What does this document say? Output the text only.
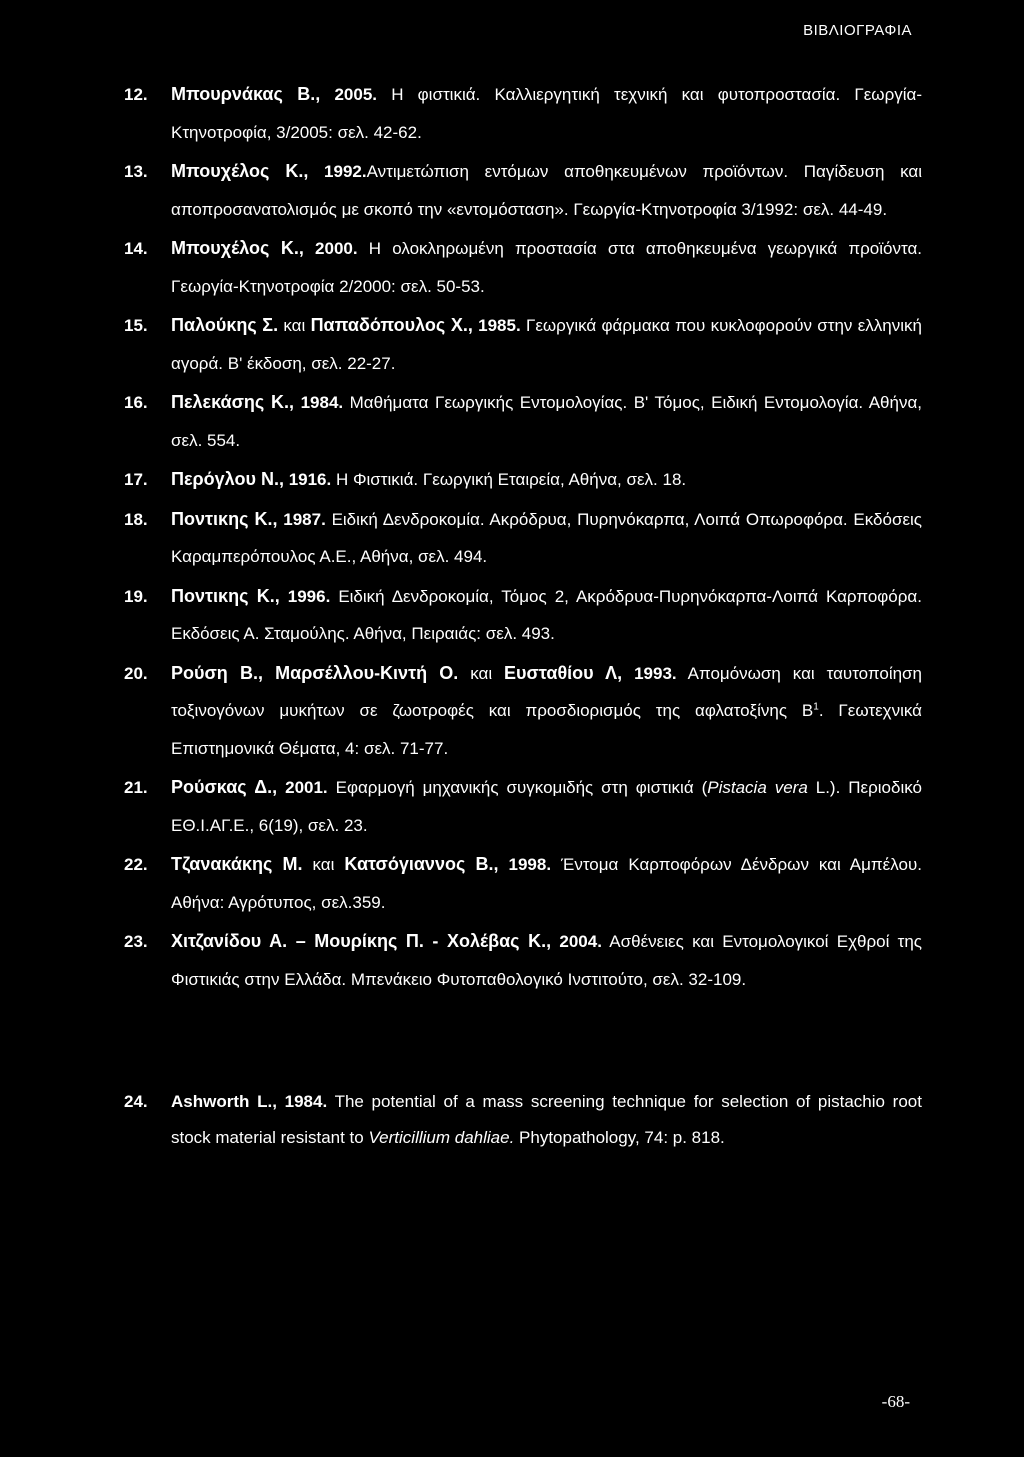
ΒΙΒΛΙΟΓΡΑΦΙΑ
12. Μπουρνάκας Β., 2005. Η φιστικιά. Καλλιεργητική τεχνική και φυτοπροστασία. Γεωργία-Κτηνοτροφία, 3/2005: σελ. 42-62.
13. Μπουχέλος Κ., 1992.Αντιμετώπιση εντόμων αποθηκευμένων προϊόντων. Παγίδευση και αποπροσανατολισμός με σκοπό την «εντομόσταση». Γεωργία-Κτηνοτροφία 3/1992: σελ. 44-49.
14. Μπουχέλος Κ., 2000. Η ολοκληρωμένη προστασία στα αποθηκευμένα γεωργικά προϊόντα. Γεωργία-Κτηνοτροφία 2/2000: σελ. 50-53.
15. Παλούκης Σ. και Παπαδόπουλος Χ., 1985. Γεωργικά φάρμακα που κυκλοφορούν στην ελληνική αγορά. Β' έκδοση, σελ. 22-27.
16. Πελεκάσης Κ., 1984. Μαθήματα Γεωργικής Εντομολογίας. Β' Τόμος, Ειδική Εντομολογία. Αθήνα, σελ. 554.
17. Περόγλου Ν., 1916. Η Φιστικιά. Γεωργική Εταιρεία, Αθήνα, σελ. 18.
18. Ποντικης Κ., 1987. Ειδική Δενδροκομία. Ακρόδρυα, Πυρηνόκαρπα, Λοιπά Οπωροφόρα. Εκδόσεις Καραμπερόπουλος Α.Ε., Αθήνα, σελ. 494.
19. Ποντικης Κ., 1996. Ειδική Δενδροκομία, Τόμος 2, Ακρόδρυα-Πυρηνόκαρπα-Λοιπά Καρποφόρα. Εκδόσεις Α. Σταμούλης. Αθήνα, Πειραιάς: σελ. 493.
20. Ρούση Β., Μαρσέλλου-Κιντή Ο. και Ευσταθίου Λ, 1993. Απομόνωση και ταυτοποίηση τοξινογόνων μυκήτων σε ζωοτροφές και προσδιορισμός της αφλατοξίνης $B^1$. Γεωτεχνικά Επιστημονικά Θέματα, 4: σελ. 71-77.
21. Ρούσκας Δ., 2001. Εφαρμογή μηχανικής συγκομιδής στη φιστικιά (Pistacia vera L.). Περιοδικό ΕΘ.Ι.ΑΓ.Ε., 6(19), σελ. 23.
22. Τζανακάκης Μ. και Κατσόγιαννος Β., 1998. Έντομα Καρποφόρων Δένδρων και Αμπέλου. Αθήνα: Αγρότυπος, σελ.359.
23. Χιτζανίδου Α. – Μουρίκης Π. - Χολέβας Κ., 2004. Ασθένειες και Εντομολογικοί Εχθροί της Φιστικιάς στην Ελλάδα. Μπενάκειο Φυτοπαθολογικό Ινστιτούτο, σελ. 32-109.
24. Ashworth L., 1984. The potential of a mass screening technique for selection of pistachio root stock material resistant to Verticillium dahliae. Phytopathology, 74: p. 818.
-68-
